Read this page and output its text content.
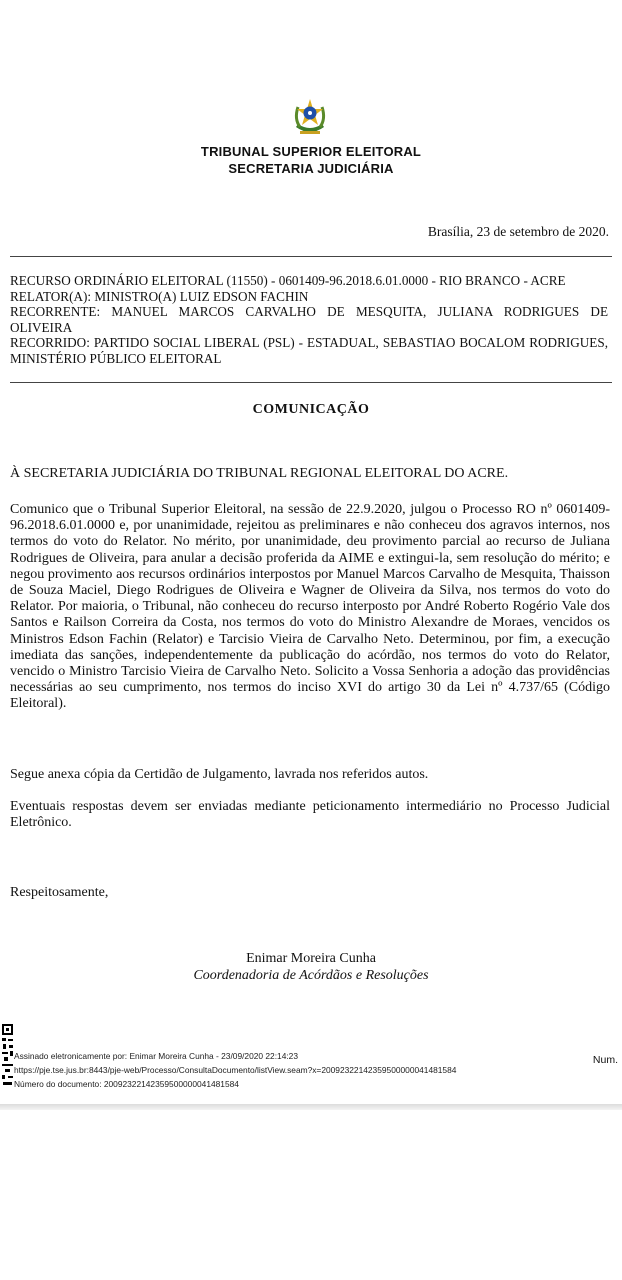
TRIBUNAL SUPERIOR ELEITORAL
SECRETARIA JUDICIÁRIA
Brasília, 23 de setembro de 2020.
RECURSO ORDINÁRIO ELEITORAL (11550) - 0601409-96.2018.6.01.0000 - RIO BRANCO - ACRE
RELATOR(A): MINISTRO(A) LUIZ EDSON FACHIN
RECORRENTE: MANUEL MARCOS CARVALHO DE MESQUITA, JULIANA RODRIGUES DE OLIVEIRA
RECORRIDO: PARTIDO SOCIAL LIBERAL (PSL) - ESTADUAL, SEBASTIAO BOCALOM RODRIGUES, MINISTÉRIO PÚBLICO ELEITORAL
COMUNICAÇÃO
À SECRETARIA JUDICIÁRIA DO TRIBUNAL REGIONAL ELEITORAL DO ACRE.

Comunico que o Tribunal Superior Eleitoral, na sessão de 22.9.2020, julgou o Processo RO nº 0601409-96.2018.6.01.0000 e, por unanimidade, rejeitou as preliminares e não conheceu dos agravos internos, nos termos do voto do Relator. No mérito, por unanimidade, deu provimento parcial ao recurso de Juliana Rodrigues de Oliveira, para anular a decisão proferida da AIME e extingui-la, sem resolução do mérito; e negou provimento aos recursos ordinários interpostos por Manuel Marcos Carvalho de Mesquita, Thaisson de Souza Maciel, Diego Rodrigues de Oliveira e Wagner de Oliveira da Silva, nos termos do voto do Relator. Por maioria, o Tribunal, não conheceu do recurso interposto por André Roberto Rogério Vale dos Santos e Railson Correira da Costa, nos termos do voto do Ministro Alexandre de Moraes, vencidos os Ministros Edson Fachin (Relator) e Tarcisio Vieira de Carvalho Neto. Determinou, por fim, a execução imediata das sanções, independentemente da publicação do acórdão, nos termos do voto do Relator, vencido o Ministro Tarcisio Vieira de Carvalho Neto. Solicito a Vossa Senhoria a adoção das providências necessárias ao seu cumprimento, nos termos do inciso XVI do artigo 30 da Lei nº 4.737/65 (Código Eleitoral).

Segue anexa cópia da Certidão de Julgamento, lavrada nos referidos autos.

Eventuais respostas devem ser enviadas mediante peticionamento intermediário no Processo Judicial Eletrônico.

Respeitosamente,
Enimar Moreira Cunha
Coordenadoria de Acórdãos e Resoluções
Assinado eletronicamente por: Enimar Moreira Cunha - 23/09/2020 22:14:23
https://pje.tse.jus.br:8443/pje-web/Processo/ConsultaDocumento/listView.seam?x=20092322142359500000041481584
Número do documento: 20092322142359500000041481584
Num.
